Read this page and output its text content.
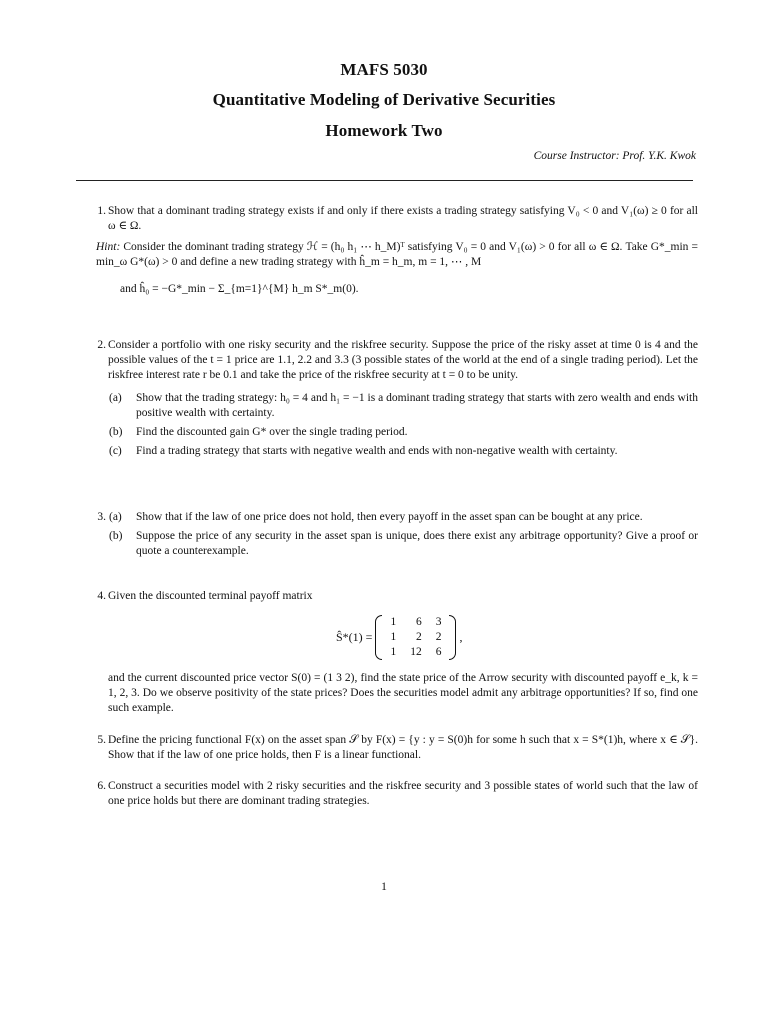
MAFS 5030
Quantitative Modeling of Derivative Securities
Homework Two
Course Instructor: Prof. Y.K. Kwok
1. Show that a dominant trading strategy exists if and only if there exists a trading strategy satisfying V₀ < 0 and V₁(ω) ≥ 0 for all ω ∈ Ω.
Hint: Consider the dominant trading strategy ℋ = (h₀ h₁ ⋯ h_M)ᵀ satisfying V₀ = 0 and V₁(ω) > 0 for all ω ∈ Ω. Take G*_min = min_ω G*(ω) > 0 and define a new trading strategy with ĥ_m = h_m, m = 1, ⋯ , M
and ĥ₀ = −G*_min − Σ_{m=1}^{M} h_m S*_m(0).
2. Consider a portfolio with one risky security and the riskfree security. Suppose the price of the risky asset at time 0 is 4 and the possible values of the t = 1 price are 1.1, 2.2 and 3.3 (3 possible states of the world at the end of a single trading period). Let the riskfree interest rate r be 0.1 and take the price of the riskfree security at t = 0 to be unity.
(a)	Show that the trading strategy: h₀ = 4 and h₁ = −1 is a dominant trading strategy that starts with zero wealth and ends with positive wealth with certainty.
(b)	Find the discounted gain G* over the single trading period.
(c)	Find a trading strategy that starts with negative wealth and ends with non-negative wealth with certainty.
3. (a)	Show that if the law of one price does not hold, then every payoff in the asset span can be bought at any price.
(b)	Suppose the price of any security in the asset span is unique, does there exist any arbitrage opportunity? Give a proof or quote a counterexample.
4. Given the discounted terminal payoff matrix
Ŝ*(1) =
1	6	3
1	2	2
1	12	6
,
and the current discounted price vector S(0) = (1 3 2), find the state price of the Arrow security with discounted payoff e_k, k = 1, 2, 3. Do we observe positivity of the state prices? Does the securities model admit any arbitrage opportunities? If so, find one such example.
5. Define the pricing functional F(x) on the asset span 𝒮 by F(x) = {y : y = S(0)h for some h such that x = S*(1)h, where x ∈ 𝒮}. Show that if the law of one price holds, then F is a linear functional.
6. Construct a securities model with 2 risky securities and the riskfree security and 3 possible states of world such that the law of one price holds but there are dominant trading strategies.
1
